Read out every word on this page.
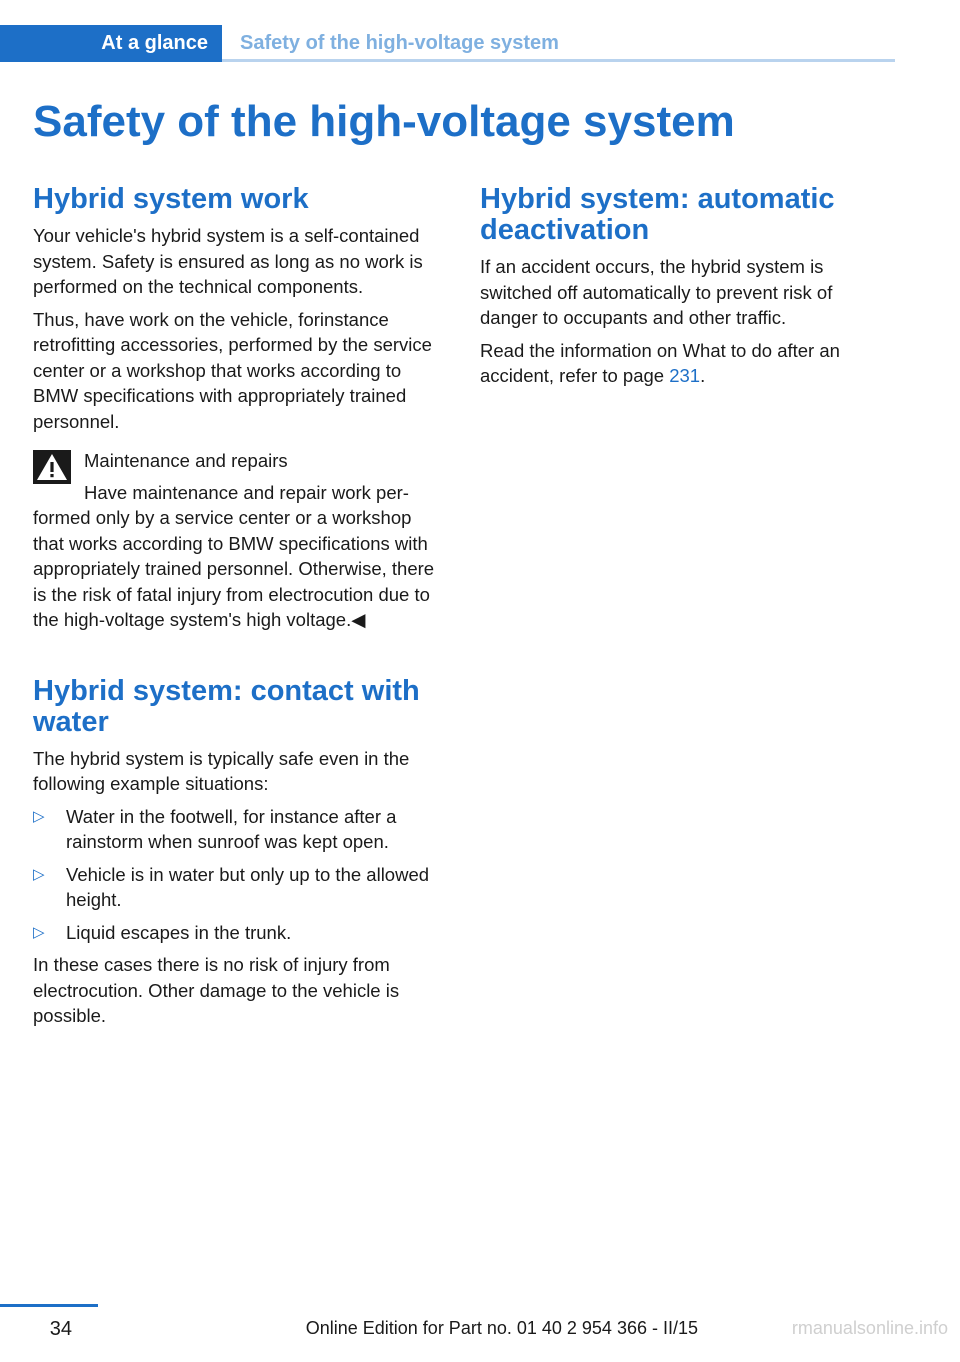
At a glance	Safety of the high-voltage system
Safety of the high-voltage system
Hybrid system work

Your vehicle's hybrid system is a self-contained system. Safety is ensured as long as no work is performed on the technical components.

Thus, have work on the vehicle, forinstance retrofitting accessories, performed by the service center or a workshop that works according to BMW specifications with appropriately trained personnel.

Maintenance and repairs

Have maintenance and repair work performed only by a service center or a workshop that works according to BMW specifications with appropriately trained personnel. Otherwise, there is the risk of fatal injury from electrocution due to the high-voltage system's high voltage.◀

Hybrid system: contact with water

The hybrid system is typically safe even in the following example situations:

▷ Water in the footwell, for instance after a rainstorm when sunroof was kept open.
▷ Vehicle is in water but only up to the allowed height.
▷ Liquid escapes in the trunk.

In these cases there is no risk of injury from electrocution. Other damage to the vehicle is possible.

Hybrid system: automatic deactivation

If an accident occurs, the hybrid system is switched off automatically to prevent risk of danger to occupants and other traffic.

Read the information on What to do after an accident, refer to page 231.

34	Online Edition for Part no. 01 40 2 954 366 - II/15	rmanualsonline.info
